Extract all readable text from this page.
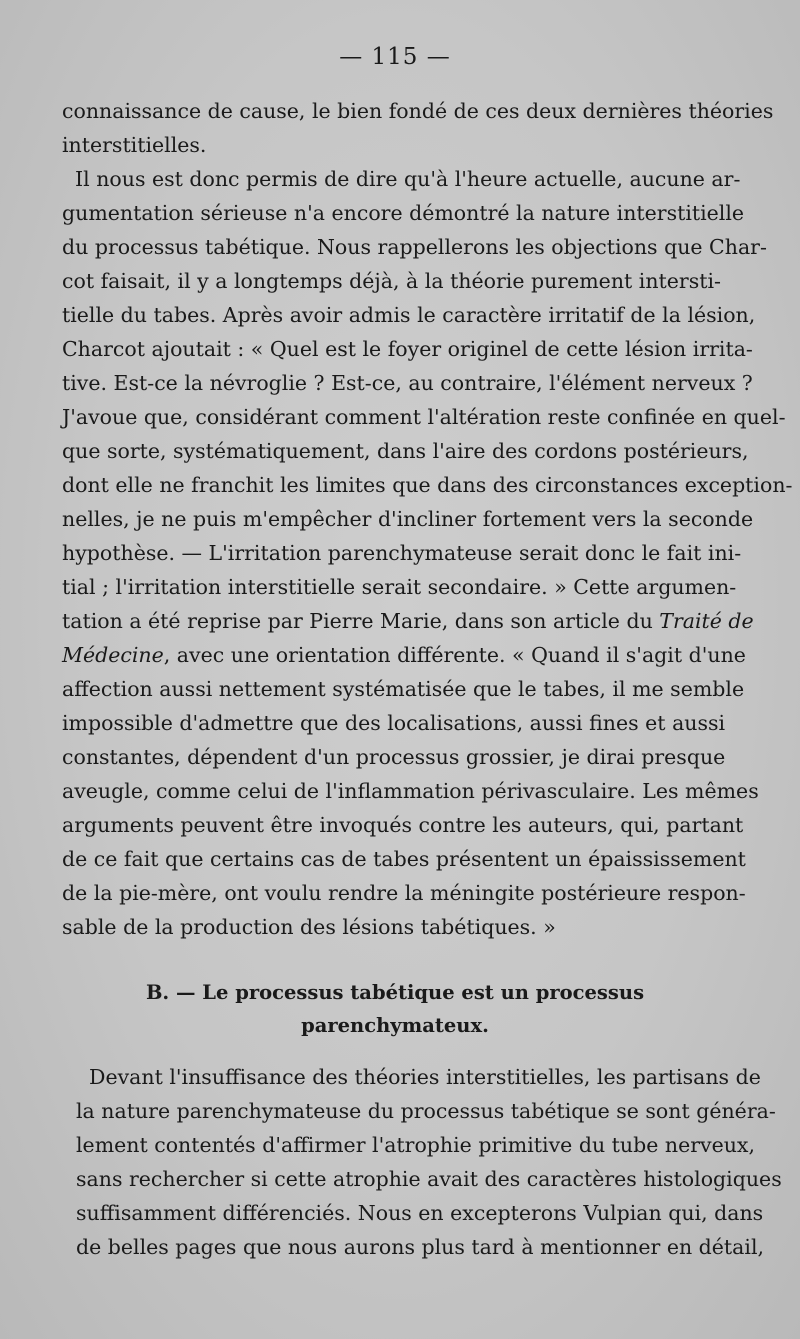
— 115 —
connaissance de cause, le bien fondé de ces deux dernières théories
interstitielles.
Il nous est donc permis de dire qu'à l'heure actuelle, aucune ar-
gumentation sérieuse n'a encore démontré la nature interstitielle
du processus tabétique. Nous rappellerons les objections que Char-
cot faisait, il y a longtemps déjà, à la théorie purement intersti-
tielle du tabes. Après avoir admis le caractère irritatif de la lésion,
Charcot ajoutait : « Quel est le foyer originel de cette lésion irrita-
tive. Est-ce la névroglie ? Est-ce, au contraire, l'élément nerveux ?
J'avoue que, considérant comment l'altération reste confinée en quel-
que sorte, systématiquement, dans l'aire des cordons postérieurs,
dont elle ne franchit les limites que dans des circonstances exception-
nelles, je ne puis m'empêcher d'incliner fortement vers la seconde
hypothèse. — L'irritation parenchymateuse serait donc le fait ini-
tial ; l'irritation interstitielle serait secondaire. » Cette argumen-
tation a été reprise par Pierre Marie, dans son article du Traité de
Médecine, avec une orientation différente. « Quand il s'agit d'une
affection aussi nettement systématisée que le tabes, il me semble
impossible d'admettre que des localisations, aussi fines et aussi
constantes, dépendent d'un processus grossier, je dirai presque
aveugle, comme celui de l'inflammation périvasculaire. Les mêmes
arguments peuvent être invoqués contre les auteurs, qui, partant
de ce fait que certains cas de tabes présentent un épaississement
de la pie-mère, ont voulu rendre la méningite postérieure respon-
sable de la production des lésions tabétiques. »
B. — Le processus tabétique est un processus
parenchymateux.
Devant l'insuffisance des théories interstitielles, les partisans de
la nature parenchymateuse du processus tabétique se sont généra-
lement contentés d'affirmer l'atrophie primitive du tube nerveux,
sans rechercher si cette atrophie avait des caractères histologiques
suffisamment différenciés. Nous en excepterons Vulpian qui, dans
de belles pages que nous aurons plus tard à mentionner en détail,
